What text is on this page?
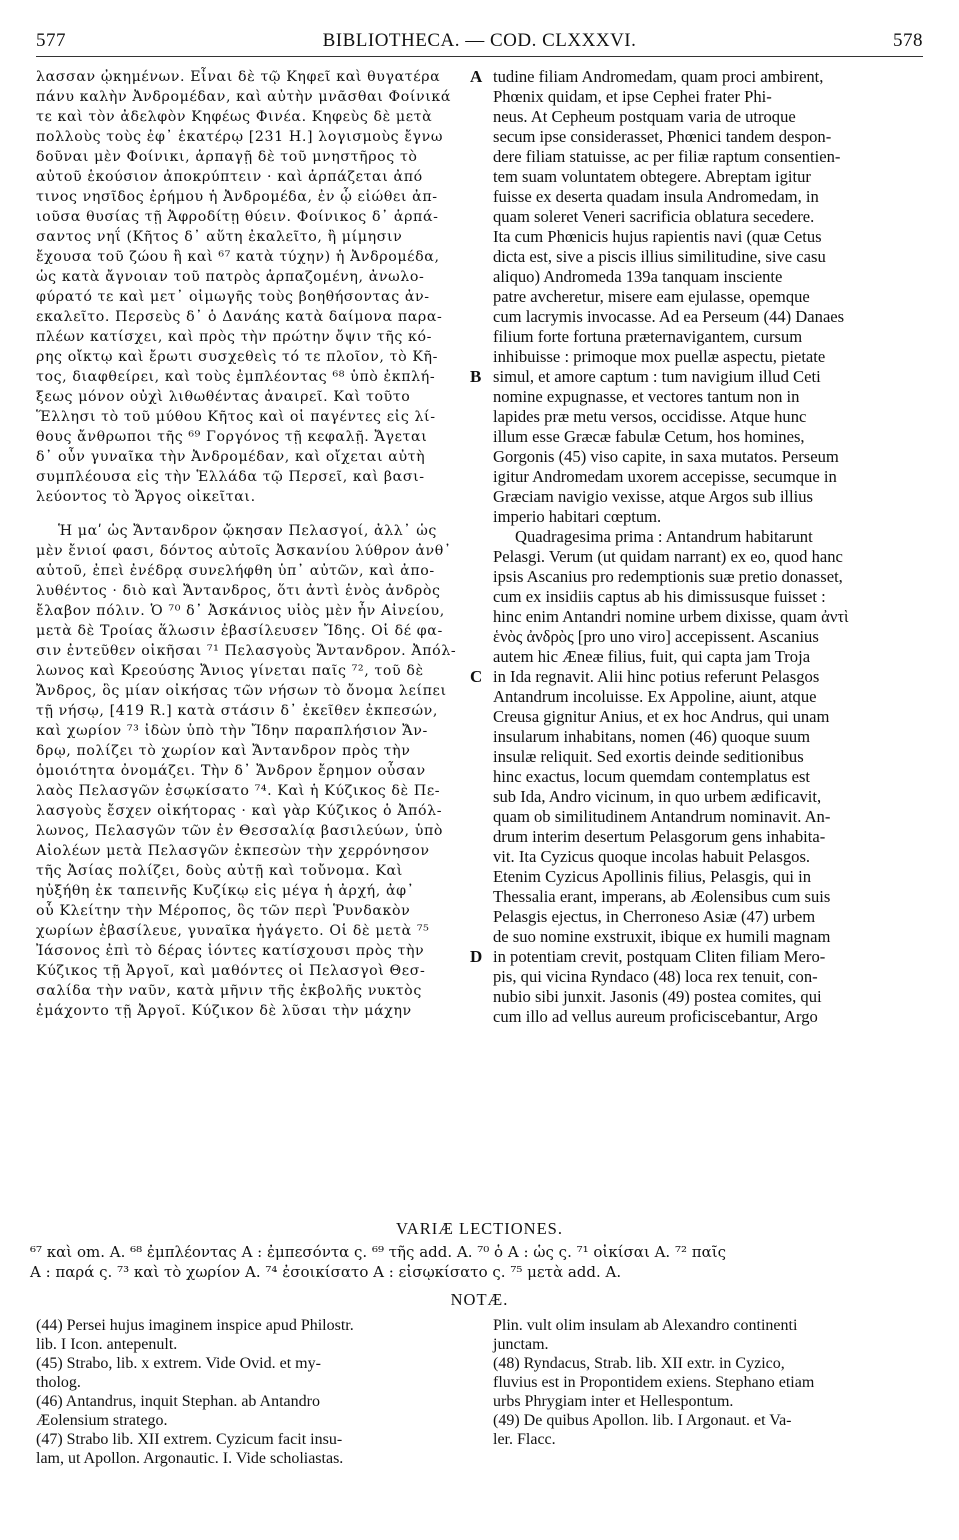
577	BIBLIOTHECA. — COD. CLXXXVI.	578
λασσαν ᾠκημένων. Εἶναι δὲ τῷ Κηφεῖ καὶ θυγατέρα
πάνυ καλὴν Ἀνδρομέδαν, καὶ αὐτὴν μνᾶσθαι Φοίνικά
τε καὶ τὸν ἀδελφὸν Κηφέως Φινέα. Κηφεὺς δὲ μετὰ
πολλοὺς τοὺς ἐφ᾽ ἑκατέρῳ [231 Η.] λογισμοὺς ἔγνω
δοῦναι μὲν Φοίνικι, ἁρπαγῇ δὲ τοῦ μνηστῆρος τὸ
αὐτοῦ ἑκούσιον ἀποκρύπτειν · καὶ ἁρπάζεται ἀπό
τινος νησῖδος ἐρήμου ἡ Ἀνδρομέδα, ἐν ᾧ εἰώθει ἀπ-
ιοῦσα θυσίας τῇ Ἀφροδίτῃ θύειν. Φοίνικος δ᾽ ἁρπά-
σαντος νηΐ (Κῆτος δ᾽ αὕτη ἐκαλεῖτο, ἢ μίμησιν
ἔχουσα τοῦ ζώου ἢ καὶ ⁶⁷ κατὰ τύχην) ἡ Ἀνδρομέδα,
ὡς κατὰ ἄγνοιαν τοῦ πατρὸς ἁρπαζομένη, ἀνωλο-
φύρατό τε καὶ μετ᾽ οἰμωγῆς τοὺς βοηθήσοντας ἀν-
εκαλεῖτο. Περσεὺς δ᾽ ὁ Δανάης κατὰ δαίμονα παρα-
πλέων κατίσχει, καὶ πρὸς τὴν πρώτην ὄψιν τῆς κό-
ρης οἴκτῳ καὶ ἔρωτι συσχεθεὶς τό τε πλοῖον, τὸ Κῆ-
τος, διαφθείρει, καὶ τοὺς ἐμπλέοντας ⁶⁸ ὑπὸ ἐκπλή-
ξεως μόνον οὐχὶ λιθωθέντας ἀναιρεῖ. Καὶ τοῦτο
Ἕλλησι τὸ τοῦ μύθου Κῆτος καὶ οἱ παγέντες εἰς λί-
θους ἄνθρωποι τῆς ⁶⁹ Γοργόνος τῇ κεφαλῇ. Ἄγεται
δ᾽ οὖν γυναῖκα τὴν Ἀνδρομέδαν, καὶ οἴχεται αὐτὴ
συμπλέουσα εἰς τὴν Ἑλλάδα τῷ Περσεῖ, καὶ βασι-
λεύοντος τὸ Ἄργος οἰκεῖται.
Ἡ μαʹ ὡς Ἄντανδρον ᾤκησαν Πελασγοί, ἀλλ᾽ ὡς
μὲν ἔνιοί φασι, δόντος αὐτοῖς Ἀσκανίου λύθρον ἀνθ᾽
αὑτοῦ, ἐπεὶ ἐνέδρᾳ συνελήφθη ὑπ᾽ αὐτῶν, καὶ ἀπο-
λυθέντος · διὸ καὶ Ἄντανδρος, ὅτι ἀντὶ ἑνὸς ἀνδρὸς
ἔλαβον πόλιν. Ὁ ⁷⁰ δ᾽ Ἀσκάνιος υἱὸς μὲν ἦν Αἰνείου,
μετὰ δὲ Τροίας ἅλωσιν ἐβασίλευσεν Ἴδης. Οἱ δέ φα-
σιν ἐντεῦθεν οἰκῆσαι ⁷¹ Πελασγοὺς Ἄντανδρον. Ἀπόλ-
λωνος καὶ Κρεούσης Ἄνιος γίνεται παῖς ⁷², τοῦ δὲ
Ἄνδρος, ὃς μίαν οἰκήσας τῶν νήσων τὸ ὄνομα λείπει
τῇ νήσῳ, [419 R.] κατὰ στάσιν δ᾽ ἐκεῖθεν ἐκπεσών,
καὶ χωρίον ⁷³ ἰδὼν ὑπὸ τὴν Ἴδην παραπλήσιον Ἄν-
δρῳ, πολίζει τὸ χωρίον καὶ Ἄντανδρον πρὸς τὴν
ὁμοιότητα ὀνομάζει. Τὴν δ᾽ Ἄνδρον ἔρημον οὖσαν
λαὸς Πελασγῶν ἐσῳκίσατο ⁷⁴. Καὶ ἡ Κύζικος δὲ Πε-
λασγοὺς ἔσχεν οἰκήτορας · καὶ γὰρ Κύζικος ὁ Ἀπόλ-
λωνος, Πελασγῶν τῶν ἐν Θεσσαλίᾳ βασιλεύων, ὑπὸ
Αἰολέων μετὰ Πελασγῶν ἐκπεσὼν τὴν χερρόνησον
τῆς Ἀσίας πολίζει, δοὺς αὐτῇ καὶ τοὔνομα. Καὶ
ηὐξήθη ἐκ ταπεινῆς Κυζίκῳ εἰς μέγα ἡ ἀρχή, ἀφ᾽
οὗ Κλείτην τὴν Μέροπος, ὃς τῶν περὶ Ῥυνδακὸν
χωρίων ἐβασίλευε, γυναῖκα ἠγάγετο. Οἱ δὲ μετὰ ⁷⁵
Ἰάσονος ἐπὶ τὸ δέρας ἰόντες κατίσχουσι πρὸς τὴν
Κύζικος τῇ Ἀργοῖ, καὶ μαθόντες οἱ Πελασγοὶ Θεσ-
σαλίδα τὴν ναῦν, κατὰ μῆνιν τῆς ἐκβολῆς νυκτὸς
ἐμάχοντο τῇ Ἀργοῖ. Κύζικον δὲ λῦσαι τὴν μάχην
A
B
C
D
tudine filiam Andromedam, quam proci ambirent,
Phœnix quidam, et ipse Cephei frater Phi-
neus. At Cepheum postquam varia de utroque
secum ipse considerasset, Phœnici tandem despon-
dere filiam statuisse, ac per filiæ raptum consentien-
tem suam voluntatem obtegere. Abreptam igitur
fuisse ex deserta quadam insula Andromedam, in
quam soleret Veneri sacrificia oblatura secedere.
Ita cum Phœnicis hujus rapientis navi (quæ Cetus
dicta est, sive a piscis illius similitudine, sive casu
aliquo) Andromeda 139a tanquam insciente
patre avcheretur, misere eam ejulasse, opemque
cum lacrymis invocasse. Ad ea Perseum (44) Danaes
filium forte fortuna præternavigantem, cursum
inhibuisse : primoque mox puellæ aspectu, pietate
simul, et amore captum : tum navigium illud Ceti
nomine expugnasse, et vectores tantum non in
lapides præ metu versos, occidisse. Atque hunc
illum esse Græcæ fabulæ Cetum, hos homines,
Gorgonis (45) viso capite, in saxa mutatos. Perseum
igitur Andromedam uxorem accepisse, secumque in
Græciam navigio vexisse, atque Argos sub illius
imperio habitari cœptum.
Quadragesima prima : Antandrum habitarunt
Pelasgi. Verum (ut quidam narrant) ex eo, quod hanc
ipsis Ascanius pro redemptionis suæ pretio donasset,
cum ex insidiis captus ab his dimissusque fuisset :
hinc enim Antandri nomine urbem dixisse, quam ἀντὶ
ἑνὸς ἀνδρὸς [pro uno viro] accepissent. Ascanius
autem hic Æneæ filius, fuit, qui capta jam Troja
in Ida regnavit. Alii hinc potius referunt Pelasgos
Antandrum incoluisse. Ex Appoline, aiunt, atque
Creusa gignitur Anius, et ex hoc Andrus, qui unam
insularum inhabitans, nomen (46) quoque suum
insulæ reliquit. Sed exortis deinde seditionibus
hinc exactus, locum quemdam contemplatus est
sub Ida, Andro vicinum, in quo urbem ædificavit,
quam ob similitudinem Antandrum nominavit. An-
drum interim desertum Pelasgorum gens inhabita-
vit. Ita Cyzicus quoque incolas habuit Pelasgos.
Etenim Cyzicus Apollinis filius, Pelasgis, qui in
Thessalia erant, imperans, ab Æolensibus cum suis
Pelasgis ejectus, in Cherroneso Asiæ (47) urbem
de suo nomine exstruxit, ibique ex humili magnam
in potentiam crevit, postquam Cliten filiam Mero-
pis, qui vicina Ryndaco (48) loca rex tenuit, con-
nubio sibi junxit. Jasonis (49) postea comites, qui
cum illo ad vellus aureum proficiscebantur, Argo
VARIÆ LECTIONES.
⁶⁷ καὶ om. A. ⁶⁸ ἐμπλέοντας A : ἐμπεσόντα ς. ⁶⁹ τῆς add. A. ⁷⁰ ὁ A : ὡς ς. ⁷¹ οἰκίσαι A. ⁷² παῖς
A : παρά ς. ⁷³ καὶ τὸ χωρίον A. ⁷⁴ ἐσοικίσατο A : εἰσῳκίσατο ς. ⁷⁵ μετὰ add. A.
NOTÆ.
(44) Persei hujus imaginem inspice apud Philostr.
lib. I Icon. antepenult.
(45) Strabo, lib. x extrem. Vide Ovid. et my-
tholog.
(46) Antandrus, inquit Stephan. ab Antandro
Æolensium stratego.
(47) Strabo lib. XII extrem. Cyzicum facit insu-
lam, ut Apollon. Argonautic. I. Vide scholiastas.
Plin. vult olim insulam ab Alexandro continenti
junctam.
(48) Ryndacus, Strab. lib. XII extr. in Cyzico,
fluvius est in Propontidem exiens. Stephano etiam
urbs Phrygiam inter et Hellespontum.
(49) De quibus Apollon. lib. I Argonaut. et Va-
ler. Flacc.
